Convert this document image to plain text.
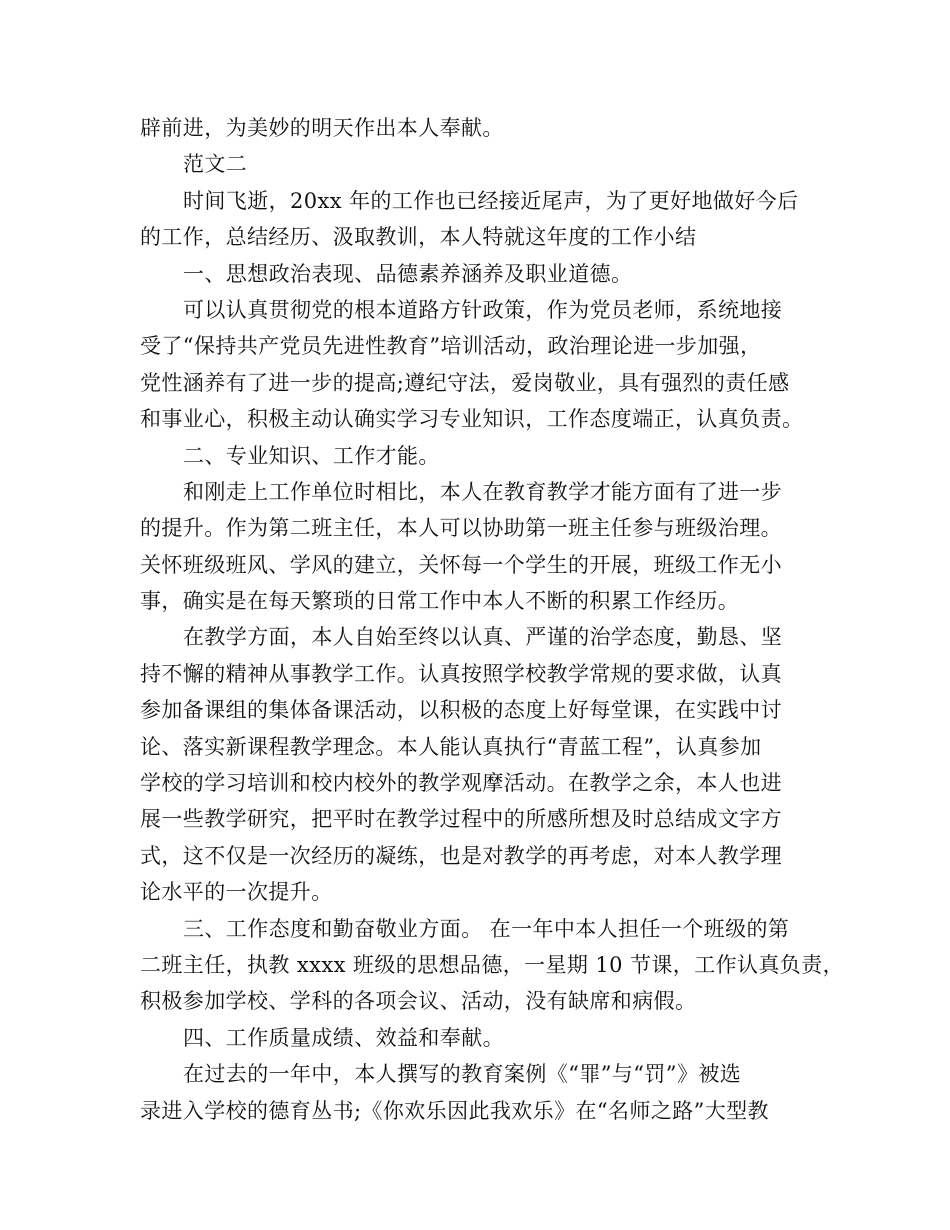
辟前进，为美妙的明天作出本人奉献。
范文二
时间飞逝，20xx 年的工作也已经接近尾声，为了更好地做好今后
的工作，总结经历、汲取教训，本人特就这年度的工作小结
一、思想政治表现、品德素养涵养及职业道德。
可以认真贯彻党的根本道路方针政策，作为党员老师，系统地接
受了“保持共产党员先进性教育”培训活动，政治理论进一步加强，
党性涵养有了进一步的提高;遵纪守法，爱岗敬业，具有强烈的责任感
和事业心，积极主动认确实学习专业知识，工作态度端正，认真负责。
二、专业知识、工作才能。
和刚走上工作单位时相比，本人在教育教学才能方面有了进一步
的提升。作为第二班主任，本人可以协助第一班主任参与班级治理。
关怀班级班风、学风的建立，关怀每一个学生的开展，班级工作无小
事，确实是在每天繁琐的日常工作中本人不断的积累工作经历。
在教学方面，本人自始至终以认真、严谨的治学态度，勤恳、坚
持不懈的精神从事教学工作。认真按照学校教学常规的要求做，认真
参加备课组的集体备课活动，以积极的态度上好每堂课，在实践中讨
论、落实新课程教学理念。本人能认真执行“青蓝工程”，认真参加
学校的学习培训和校内校外的教学观摩活动。在教学之余，本人也进
展一些教学研究，把平时在教学过程中的所感所想及时总结成文字方
式，这不仅是一次经历的凝练，也是对教学的再考虑，对本人教学理
论水平的一次提升。
三、工作态度和勤奋敬业方面。 在一年中本人担任一个班级的第
二班主任，执教 xxxx 班级的思想品德，一星期 10 节课，工作认真负责，
积极参加学校、学科的各项会议、活动，没有缺席和病假。
四、工作质量成绩、效益和奉献。
在过去的一年中，本人撰写的教育案例《“罪”与“罚”》被选
录进入学校的德育丛书;《你欢乐因此我欢乐》在“名师之路”大型教
